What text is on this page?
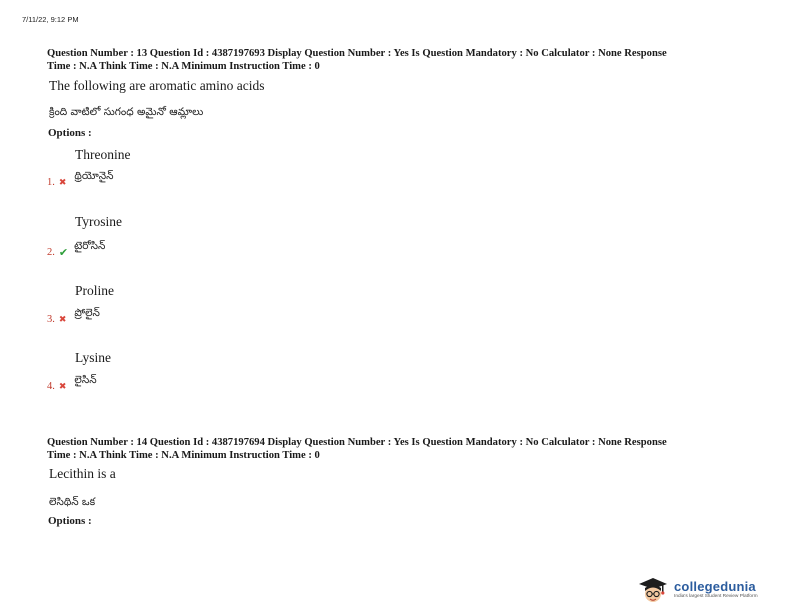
7/11/22, 9:12 PM
Question Number : 13 Question Id : 4387197693 Display Question Number : Yes Is Question Mandatory : No Calculator : None Response
Time : N.A Think Time : N.A Minimum Instruction Time : 0
The following are aromatic amino acids
క్రింది వాటిలో సుగంధ అమైనో ఆమ్లాలు
Options :
Threonine
1. ✖
థ్రియోనైన్
Tyrosine
2. ✔ టైరోసిన్
Proline
3. ✖
ప్రోలైన్
Lysine
4. ✖
లైసిన్
Question Number : 14 Question Id : 4387197694 Display Question Number : Yes Is Question Mandatory : No Calculator : None Response
Time : N.A Think Time : N.A Minimum Instruction Time : 0
Lecithin is a
లెసిథిన్ ఒక
Options :
collegedunia
India's largest Student Review Platform
